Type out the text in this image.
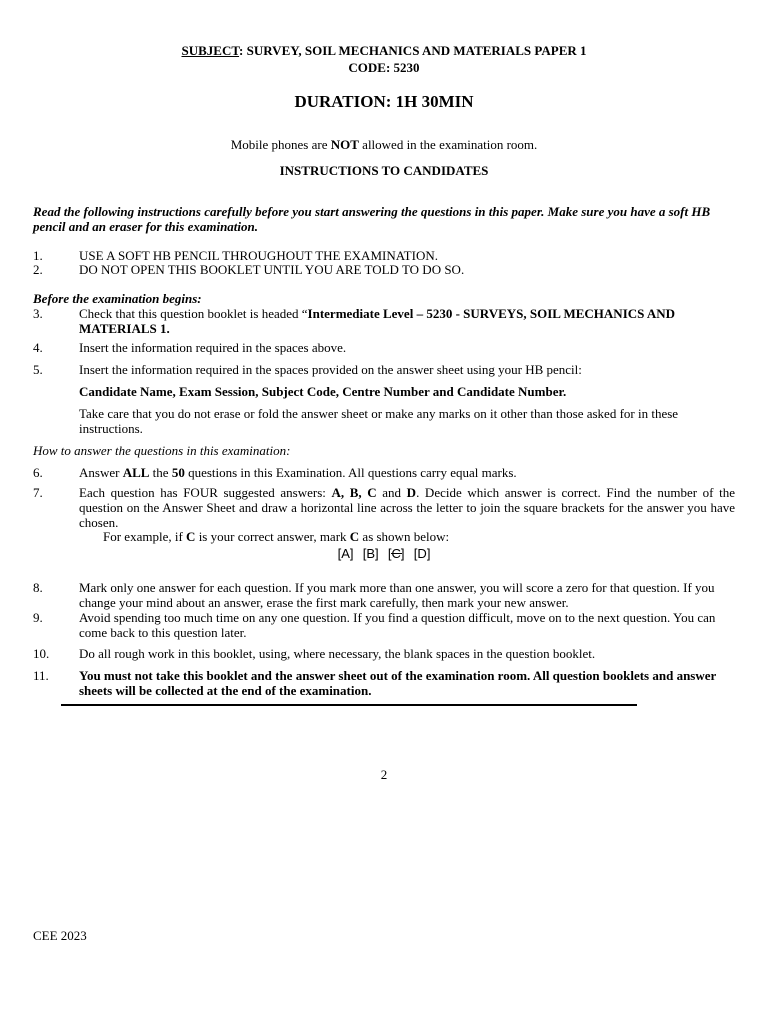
SUBJECT: SURVEY, SOIL MECHANICS AND MATERIALS PAPER 1
CODE: 5230
DURATION: 1H 30MIN
Mobile phones are NOT allowed in the examination room.
INSTRUCTIONS TO CANDIDATES
Read the following instructions carefully before you start answering the questions in this paper. Make sure you have a soft HB pencil and an eraser for this examination.
1.	USE A SOFT HB PENCIL THROUGHOUT THE EXAMINATION.
2.	DO NOT OPEN THIS BOOKLET UNTIL YOU ARE TOLD TO DO SO.
Before the examination begins:
3.	Check that this question booklet is headed “Intermediate Level – 5230 - SURVEYS, SOIL MECHANICS AND MATERIALS 1.
4.	Insert the information required in the spaces above.
5.	Insert the information required in the spaces provided on the answer sheet using your HB pencil:
Candidate Name, Exam Session, Subject Code, Centre Number and Candidate Number.
Take care that you do not erase or fold the answer sheet or make any marks on it other than those asked for in these instructions.
How to answer the questions in this examination:
6.	Answer ALL the 50 questions in this Examination. All questions carry equal marks.
7.	Each question has FOUR suggested answers: A, B, C and D. Decide which answer is correct. Find the number of the question on the Answer Sheet and draw a horizontal line across the letter to join the square brackets for the answer you have chosen.
For example, if C is your correct answer, mark C as shown below:
[A] [B] [C] [D]
8.	Mark only one answer for each question. If you mark more than one answer, you will score a zero for that question. If you change your mind about an answer, erase the first mark carefully, then mark your new answer.
9.	Avoid spending too much time on any one question. If you find a question difficult, move on to the next question. You can come back to this question later.
10. Do all rough work in this booklet, using, where necessary, the blank spaces in the question booklet.
11. You must not take this booklet and the answer sheet out of the examination room. All question booklets and answer sheets will be collected at the end of the examination.
2
CEE 2023
